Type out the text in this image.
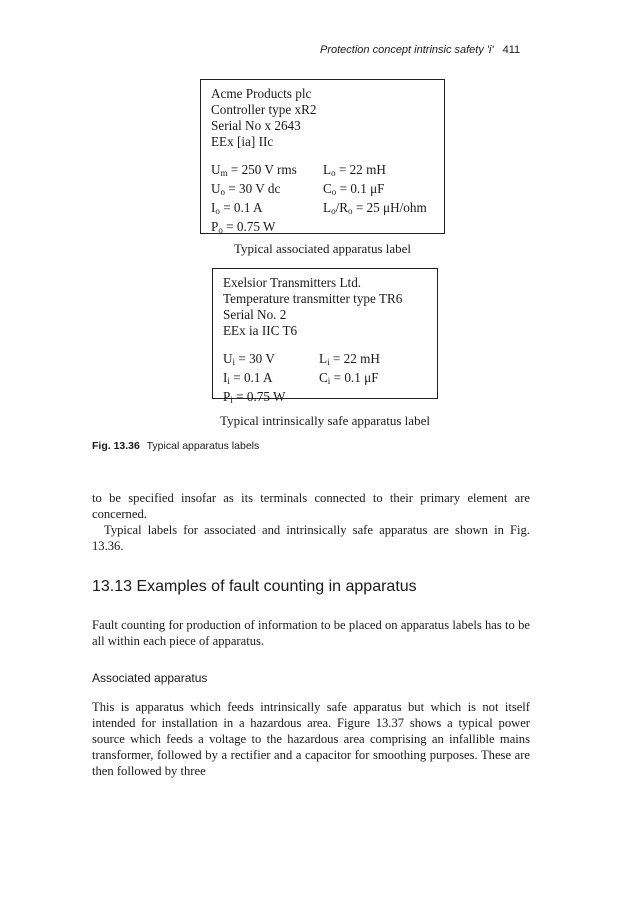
Protection concept intrinsic safety 'i' 411
Acme Products plc
Controller type xR2
Serial No x 2643
EEx [ia] IIc
$U_m = 250$ V rms	$L_o = 22$ mH
$U_o = 30$ V dc	$C_o = 0.1$ μF
$I_o = 0.1$ A	$L_o/R_o = 25$ μH/ohm
$P_o = 0.75$ W
Typical associated apparatus label
Exelsior Transmitters Ltd.
Temperature transmitter type TR6
Serial No. 2
EEx ia IIC T6
$U_i = 30$ V	$L_i = 22$ mH
$I_i = 0.1$ A	$C_i = 0.1$ μF
$P_i = 0.75$ W
Typical intrinsically safe apparatus label
Fig. 13.36 Typical apparatus labels

to be specified insofar as its terminals connected to their primary element are concerned.

Typical labels for associated and intrinsically safe apparatus are shown in Fig. 13.36.

13.13 Examples of fault counting in apparatus

Fault counting for production of information to be placed on apparatus labels has to be all within each piece of apparatus.

Associated apparatus

This is apparatus which feeds intrinsically safe apparatus but which is not itself intended for installation in a hazardous area. Figure 13.37 shows a typical power source which feeds a voltage to the hazardous area comprising an infallible mains transformer, followed by a rectifier and a capacitor for smoothing purposes. These are then followed by three
